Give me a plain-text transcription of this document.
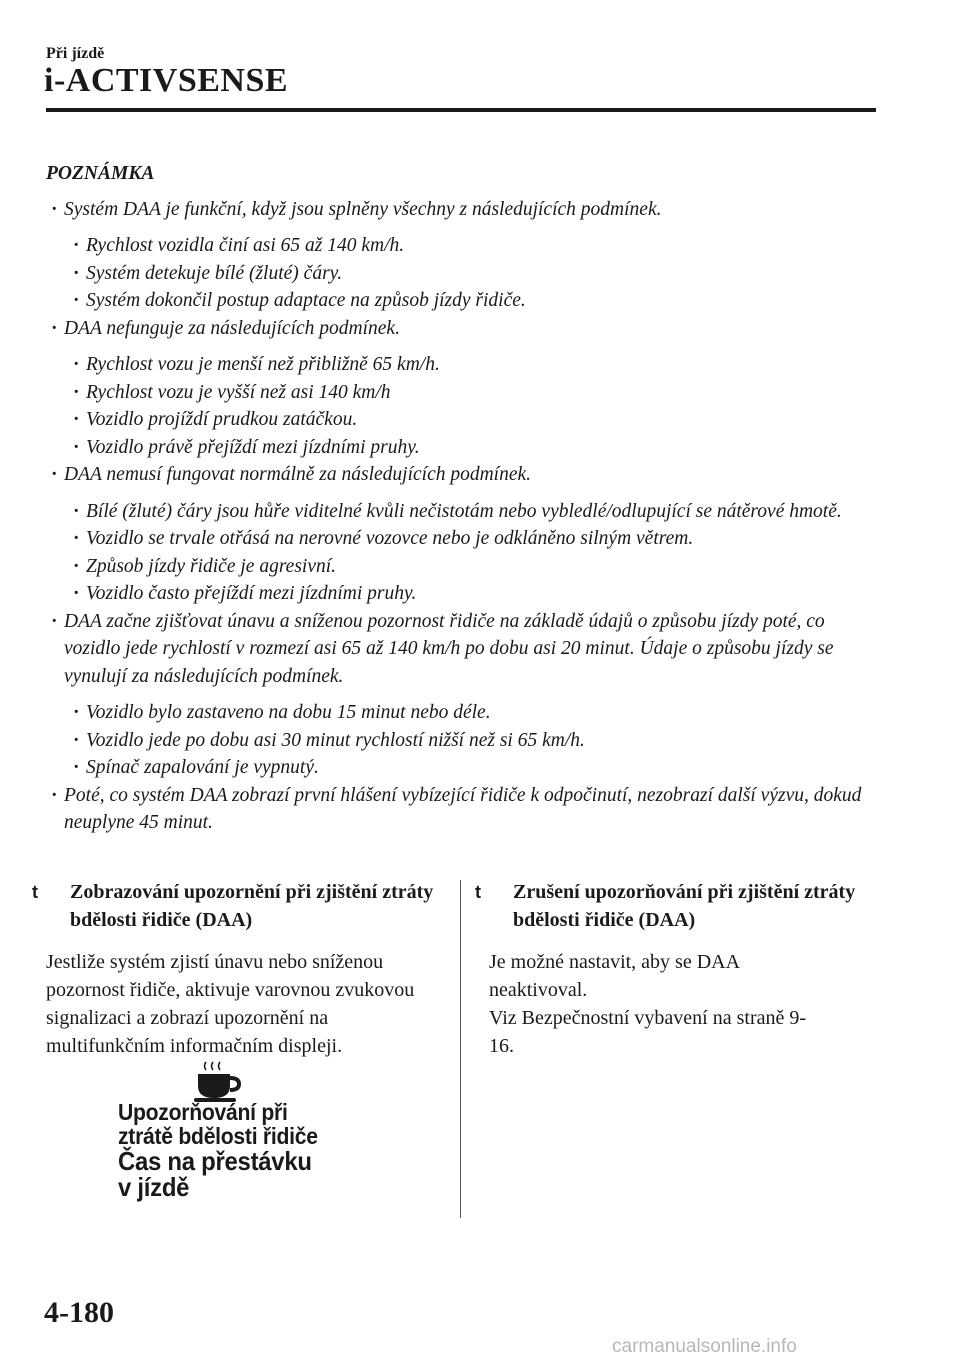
Při jízdě
i-ACTIVSENSE
POZNÁMKA

· Systém DAA je funkční, když jsou splněny všechny z následujících podmínek.

· Rychlost vozidla činí asi 65 až 140 km/h.

· Systém detekuje bílé (žluté) čáry.

· Systém dokončil postup adaptace na způsob jízdy řidiče.

· DAA nefunguje za následujících podmínek.

· Rychlost vozu je menší než přibližně 65 km/h.

· Rychlost vozu je vyšší než asi 140 km/h

· Vozidlo projíždí prudkou zatáčkou.

· Vozidlo právě přejíždí mezi jízdními pruhy.

· DAA nemusí fungovat normálně za následujících podmínek.

· Bílé (žluté) čáry jsou hůře viditelné kvůli nečistotám nebo vybledlé/odlupující se nátěrové hmotě.

· Vozidlo se trvale otřásá na nerovné vozovce nebo je odkláněno silným větrem.

· Způsob jízdy řidiče je agresivní.

· Vozidlo často přejíždí mezi jízdními pruhy.

· DAA začne zjišťovat únavu a sníženou pozornost řidiče na základě údajů o způsobu jízdy poté, co vozidlo jede rychlostí v rozmezí asi 65 až 140 km/h po dobu asi 20 minut. Údaje o způsobu jízdy se vynulují za následujících podmínek.

· Vozidlo bylo zastaveno na dobu 15 minut nebo déle.

· Vozidlo jede po dobu asi 30 minut rychlostí nižší než si 65 km/h.

· Spínač zapalování je vypnutý.

· Poté, co systém DAA zobrazí první hlášení vybízející řidiče k odpočinutí, nezobrazí další výzvu, dokud neuplyne 45 minut.

t Zobrazování upozornění při zjištění ztráty bdělosti řidiče (DAA)

Jestliže systém zjistí únavu nebo sníženou pozornost řidiče, aktivuje varovnou zvukovou signalizaci a zobrazí upozornění na multifunkčním informačním displeji.

Upozorňování při
ztrátě bdělosti řidiče
Čas na přestávku
v jízdě
t Zrušení upozorňování při zjištění ztráty bdělosti řidiče (DAA)

Je možné nastavit, aby se DAA neaktivoval.

Viz Bezpečnostní vybavení na straně 9-16.

4-180
carmanualsonline.info
